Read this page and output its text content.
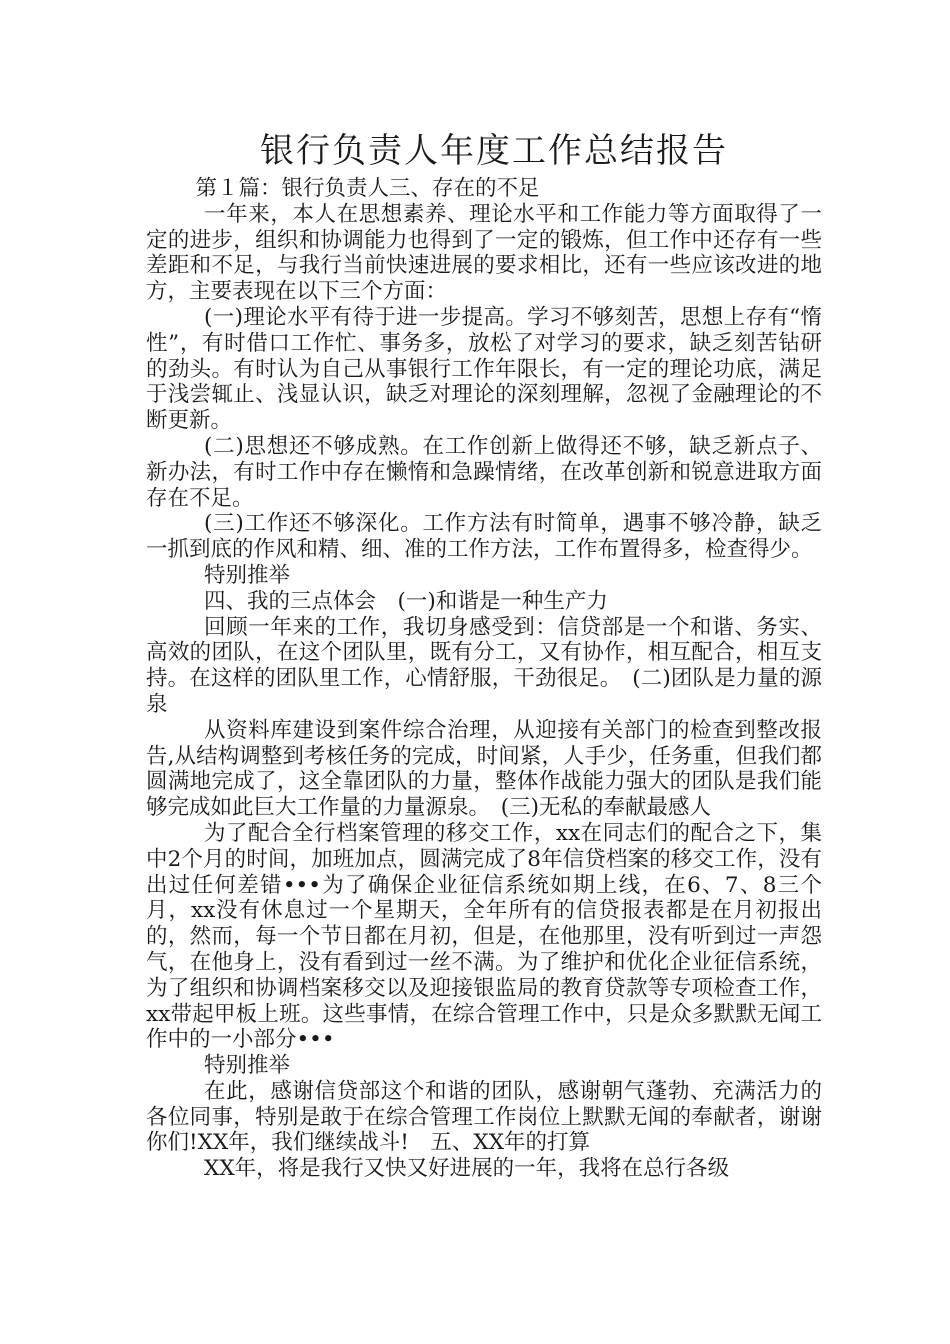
银行负责人年度工作总结报告

第１篇：银行负责人三、存在的不足

一年来，本人在思想素养、理论水平和工作能力等方面取得了一定的进步，组织和协调能力也得到了一定的锻炼，但工作中还存有一些差距和不足，与我行当前快速进展的要求相比，还有一些应该改进的地方，主要表现在以下三个方面：

(一)理论水平有待于进一步提高。学习不够刻苦，思想上存有“惰性”，有时借口工作忙、事务多，放松了对学习的要求，缺乏刻苦钻研的劲头。有时认为自己从事银行工作年限长，有一定的理论功底，满足于浅尝辄止、浅显认识，缺乏对理论的深刻理解，忽视了金融理论的不断更新。

(二)思想还不够成熟。在工作创新上做得还不够，缺乏新点子、新办法，有时工作中存在懒惰和急躁情绪，在改革创新和锐意进取方面存在不足。

(三)工作还不够深化。工作方法有时简单，遇事不够冷静，缺乏一抓到底的作风和精、细、准的工作方法，工作布置得多，检查得少。

特别推举

四、我的三点体会　(一)和谐是一种生产力

回顾一年来的工作，我切身感受到：信贷部是一个和谐、务实、高效的团队，在这个团队里，既有分工，又有协作，相互配合，相互支持。在这样的团队里工作，心情舒服，干劲很足。　(二)团队是力量的源泉

从资料库建设到案件综合治理，从迎接有关部门的检查到整改报告,从结构调整到考核任务的完成，时间紧，人手少，任务重，但我们都圆满地完成了，这全靠团队的力量，整体作战能力强大的团队是我们能够完成如此巨大工作量的力量源泉。　(三)无私的奉献最感人

为了配合全行档案管理的移交工作，xx在同志们的配合之下，集中2个月的时间，加班加点，圆满完成了8年信贷档案的移交工作，没有出过任何差错•••为了确保企业征信系统如期上线，在6、7、8三个月，xx没有休息过一个星期天，全年所有的信贷报表都是在月初报出的，然而，每一个节日都在月初，但是，在他那里，没有听到过一声怨气，在他身上，没有看到过一丝不满。为了维护和优化企业征信系统，为了组织和协调档案移交以及迎接银监局的教育贷款等专项检查工作，xx带起甲板上班。这些事情，在综合管理工作中，只是众多默默无闻工作中的一小部分•••

特别推举

在此，感谢信贷部这个和谐的团队，感谢朝气蓬勃、充满活力的各位同事，特别是敢于在综合管理工作岗位上默默无闻的奉献者，谢谢你们!XX年，我们继续战斗!　五、XX年的打算

XX年，将是我行又快又好进展的一年，我将在总行各级
